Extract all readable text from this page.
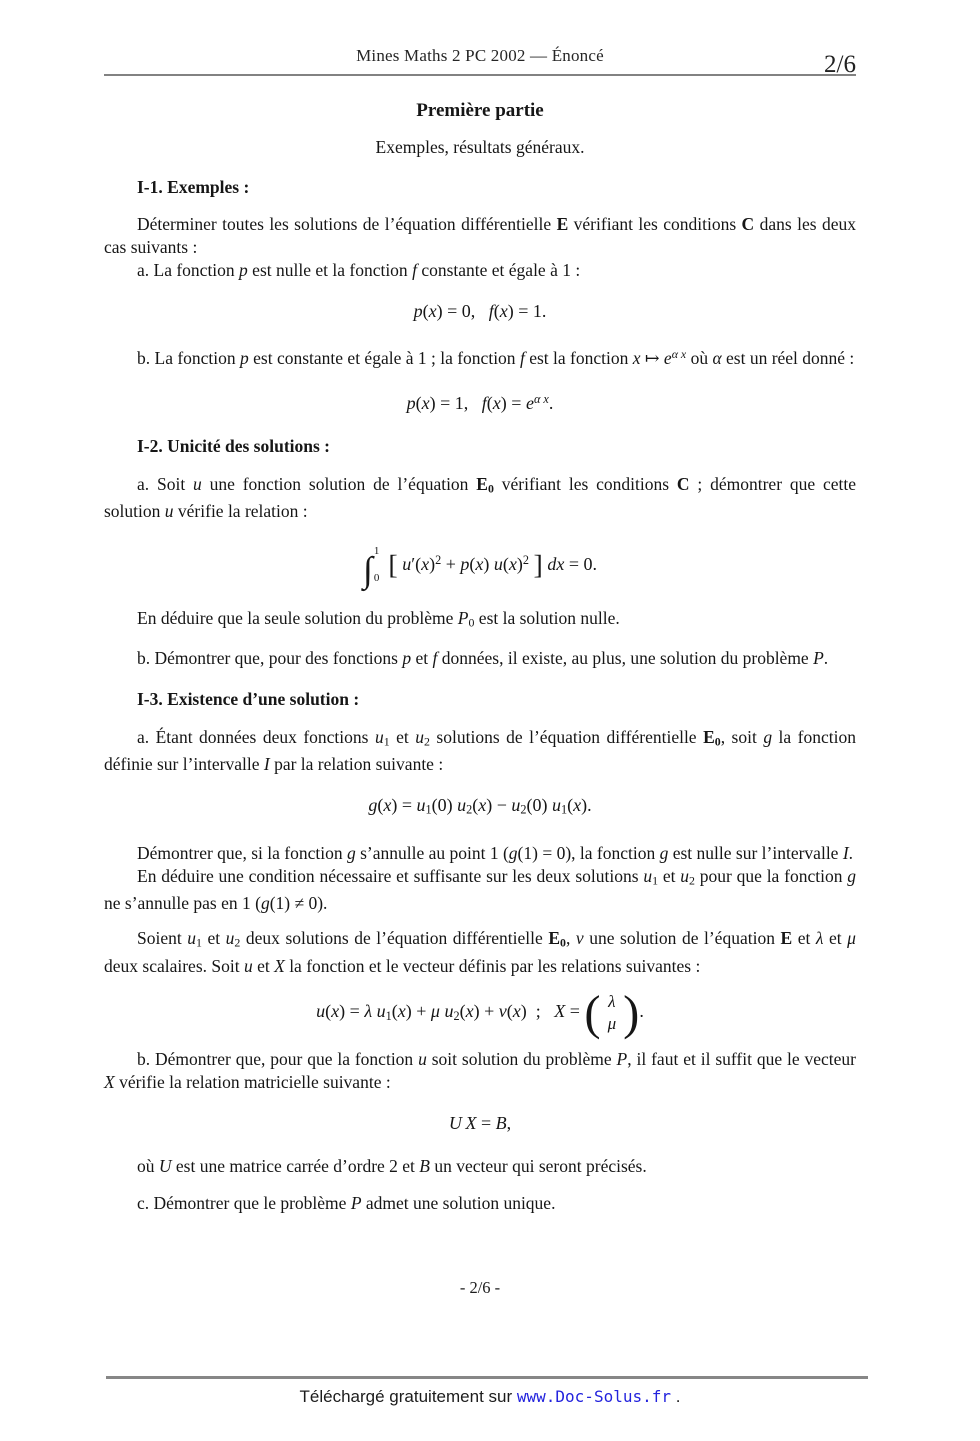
Mines Maths 2 PC 2002 — Énoncé	2/6
Première partie
Exemples, résultats généraux.
I-1. Exemples :

Déterminer toutes les solutions de l’équation différentielle E vérifiant les conditions C dans les deux cas suivants :

a. La fonction p est nulle et la fonction f constante et égale à 1 :

p(x) = 0,   f(x) = 1.

b. La fonction p est constante et égale à 1 ; la fonction f est la fonction x ↦ $e^{\alpha x}$ où α est un réel donné :

p(x) = 1,   $f(x) = e^{\alpha x}$.
I-2. Unicité des solutions :

a. Soit u une fonction solution de l’équation E0 vérifiant les conditions C ; démontrer que cette solution u vérifie la relation :

∫ 1
0 [ $u'(x)^2 + p(x)$ $u(x)^2$ ] dx = 0.

En déduire que la seule solution du problème P0 est la solution nulle.

b. Démontrer que, pour des fonctions p et f données, il existe, au plus, une solution du problème P.

I-3. Existence d’une solution :

a. Étant données deux fonctions u1 et u2 solutions de l’équation différentielle E0, soit g la fonction définie sur l’intervalle I par la relation suivante :

g(x) = u1(0) u2(x) − u2(0) u1(x).

Démontrer que, si la fonction g s’annulle au point 1 (g(1) = 0), la fonction g est nulle sur l’intervalle I.

En déduire une condition nécessaire et suffisante sur les deux solutions u1 et u2 pour que la fonction g ne s’annulle pas en 1 (g(1) ≠ 0).

Soient u1 et u2 deux solutions de l’équation différentielle E0, v une solution de l’équation E et λ et μ deux scalaires. Soit u et X la fonction et le vecteur définis par les relations suivantes :

u(x) = λ u1(x) + μ u2(x) + v(x)  ;   X = ( λ
μ ).

b. Démontrer que, pour que la fonction u soit solution du problème P, il faut et il suffit que le vecteur X vérifie la relation matricielle suivante :

U  X = B,

où U est une matrice carrée d’ordre 2 et B un vecteur qui seront précisés.

c. Démontrer que le problème P admet une solution unique.

- 2/6 -
Téléchargé gratuitement sur www.Doc-Solus.fr .
